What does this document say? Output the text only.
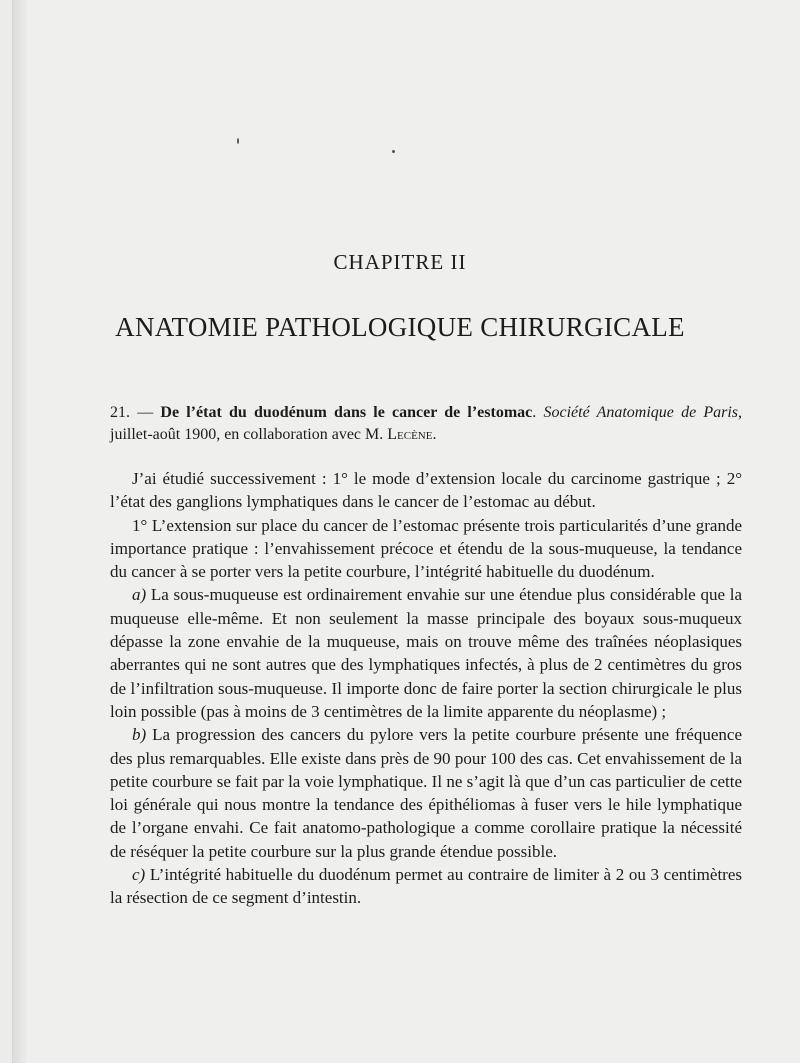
CHAPITRE II
ANATOMIE PATHOLOGIQUE CHIRURGICALE
21. — De l’état du duodénum dans le cancer de l’estomac. Société Anatomique de Paris, juillet-août 1900, en collaboration avec M. Lecène.

J’ai étudié successivement : 1° le mode d’extension locale du carcinome gastrique ; 2° l’état des ganglions lymphatiques dans le cancer de l’estomac au début.

1° L’extension sur place du cancer de l’estomac présente trois particularités d’une grande importance pratique : l’envahissement précoce et étendu de la sous-muqueuse, la tendance du cancer à se porter vers la petite courbure, l’intégrité habituelle du duodénum.

a) La sous-muqueuse est ordinairement envahie sur une étendue plus considérable que la muqueuse elle-même. Et non seulement la masse principale des boyaux sous-muqueux dépasse la zone envahie de la muqueuse, mais on trouve même des traînées néoplasiques aberrantes qui ne sont autres que des lymphatiques infectés, à plus de 2 centimètres du gros de l’infiltration sous-muqueuse. Il importe donc de faire porter la section chirurgicale le plus loin possible (pas à moins de 3 centimètres de la limite apparente du néoplasme) ;

b) La progression des cancers du pylore vers la petite courbure présente une fréquence des plus remarquables. Elle existe dans près de 90 pour 100 des cas. Cet envahissement de la petite courbure se fait par la voie lymphatique. Il ne s’agit là que d’un cas particulier de cette loi générale qui nous montre la tendance des épithéliomas à fuser vers le hile lymphatique de l’organe envahi. Ce fait anatomo-pathologique a comme corollaire pratique la nécessité de réséquer la petite courbure sur la plus grande étendue possible.

c) L’intégrité habituelle du duodénum permet au contraire de limiter à 2 ou 3 centimètres la résection de ce segment d’intestin.
